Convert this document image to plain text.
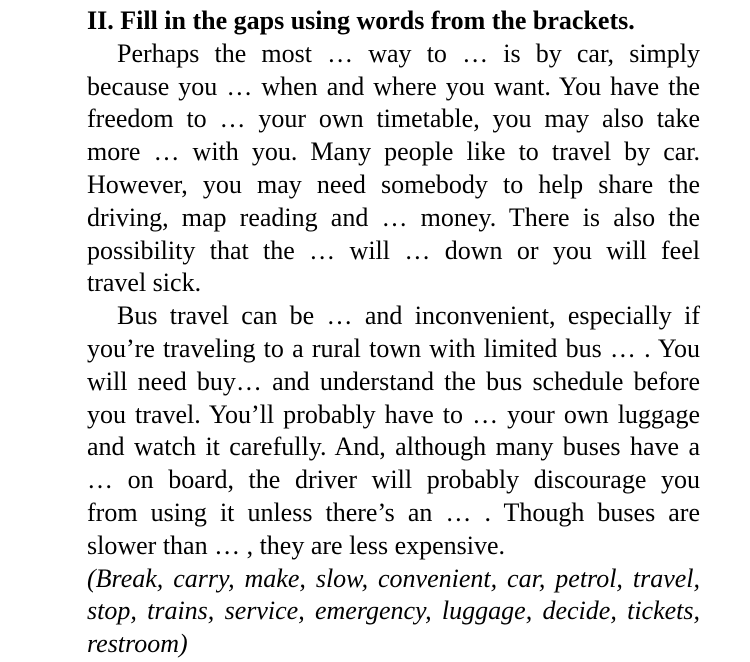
II. Fill in the gaps using words from the brackets.
Perhaps the most … way to … is by car, simply
because you … when and where you want. You have the
freedom to … your own timetable, you may also take
more … with you. Many people like to travel by car.
However, you may need somebody to help share the
driving, map reading and … money. There is also the
possibility that the … will … down or you will feel
travel sick.
Bus travel can be … and inconvenient, especially if
you’re traveling to a rural town with limited bus … . You
will need buy… and understand the bus schedule before
you travel. You’ll probably have to … your own luggage
and watch it carefully. And, although many buses have a
… on board, the driver will probably discourage you
from using it unless there’s an … . Though buses are
slower than … , they are less expensive.
(Break, carry, make, slow, convenient, car, petrol, travel,
stop, trains, service, emergency, luggage, decide, tickets,
restroom)
